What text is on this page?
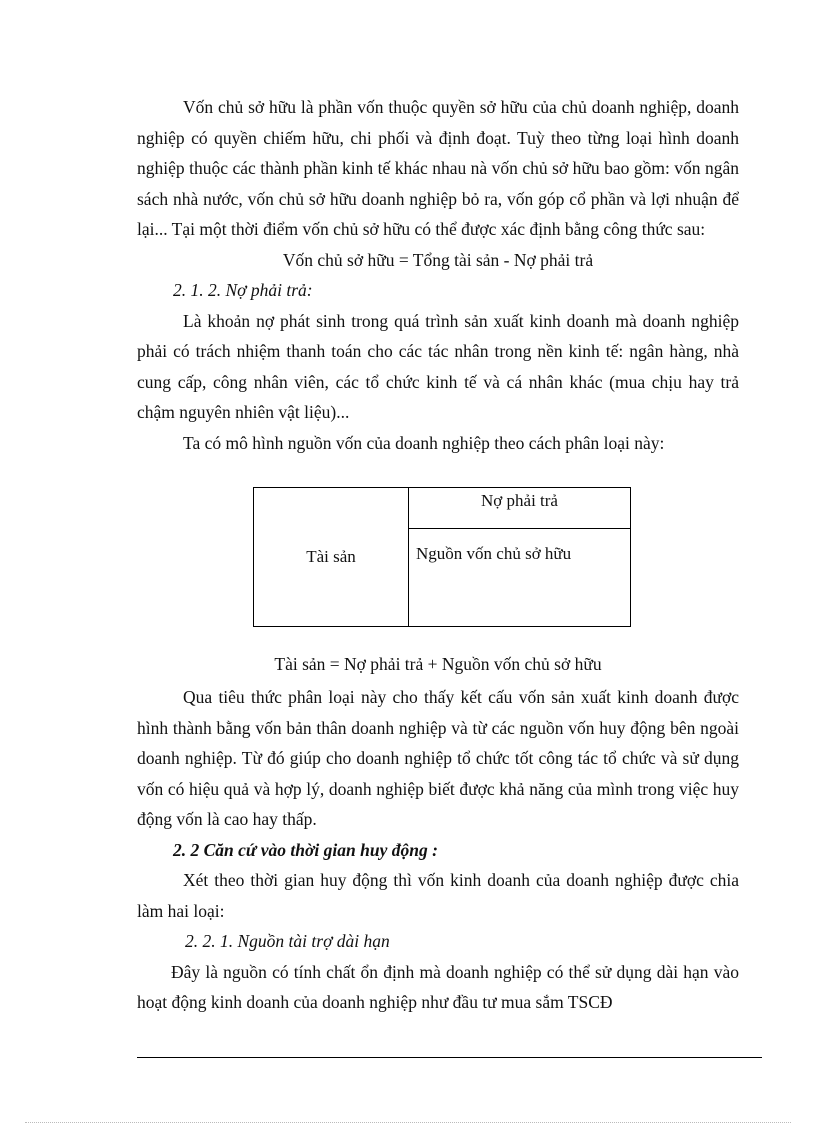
Vốn chủ sở hữu là phần vốn thuộc quyền sở hữu của chủ doanh nghiệp, doanh nghiệp có quyền chiếm hữu, chi phối và định đoạt. Tuỳ theo từng loại hình doanh nghiệp thuộc các thành phần kinh tế khác nhau nà vốn chủ sở hữu bao gồm: vốn ngân sách nhà nước, vốn chủ sở hữu doanh nghiệp bỏ ra, vốn góp cổ phần và lợi nhuận để lại... Tại một thời điểm vốn chủ sở hữu có thể được xác định bằng công thức sau:

Vốn chủ sở hữu = Tổng tài sản - Nợ phải trả

2. 1. 2. Nợ phải trả:

Là khoản nợ phát sinh trong quá trình sản xuất kinh doanh mà doanh nghiệp phải có trách nhiệm thanh toán cho các tác nhân trong nền kinh tế: ngân hàng, nhà cung cấp, công nhân viên, các tổ chức kinh tế và cá nhân khác (mua chịu hay trả chậm nguyên nhiên vật liệu)...

Ta có mô hình nguồn vốn của doanh nghiệp theo cách phân loại này:

Tài sản
Nợ phải trả
Nguồn vốn chủ sở hữu
Tài sản = Nợ phải trả + Nguồn vốn chủ sở hữu

Qua tiêu thức phân loại này cho thấy kết cấu vốn sản xuất kinh doanh được hình thành bằng vốn bản thân doanh nghiệp và từ các nguồn vốn huy động bên ngoài doanh nghiệp. Từ đó giúp cho doanh nghiệp tổ chức tốt công tác tổ chức và sử dụng vốn có hiệu quả và hợp lý, doanh nghiệp biết được khả năng của mình trong việc huy động vốn là cao hay thấp.

2. 2 Căn cứ vào thời gian huy động :

Xét theo thời gian huy động thì vốn kinh doanh của doanh nghiệp được chia làm hai loại:

2. 2. 1. Nguồn tài trợ dài hạn

Đây là nguồn có tính chất ổn định mà doanh nghiệp có thể sử dụng dài hạn vào hoạt động kinh doanh của doanh nghiệp như đầu tư mua sắm TSCĐ
